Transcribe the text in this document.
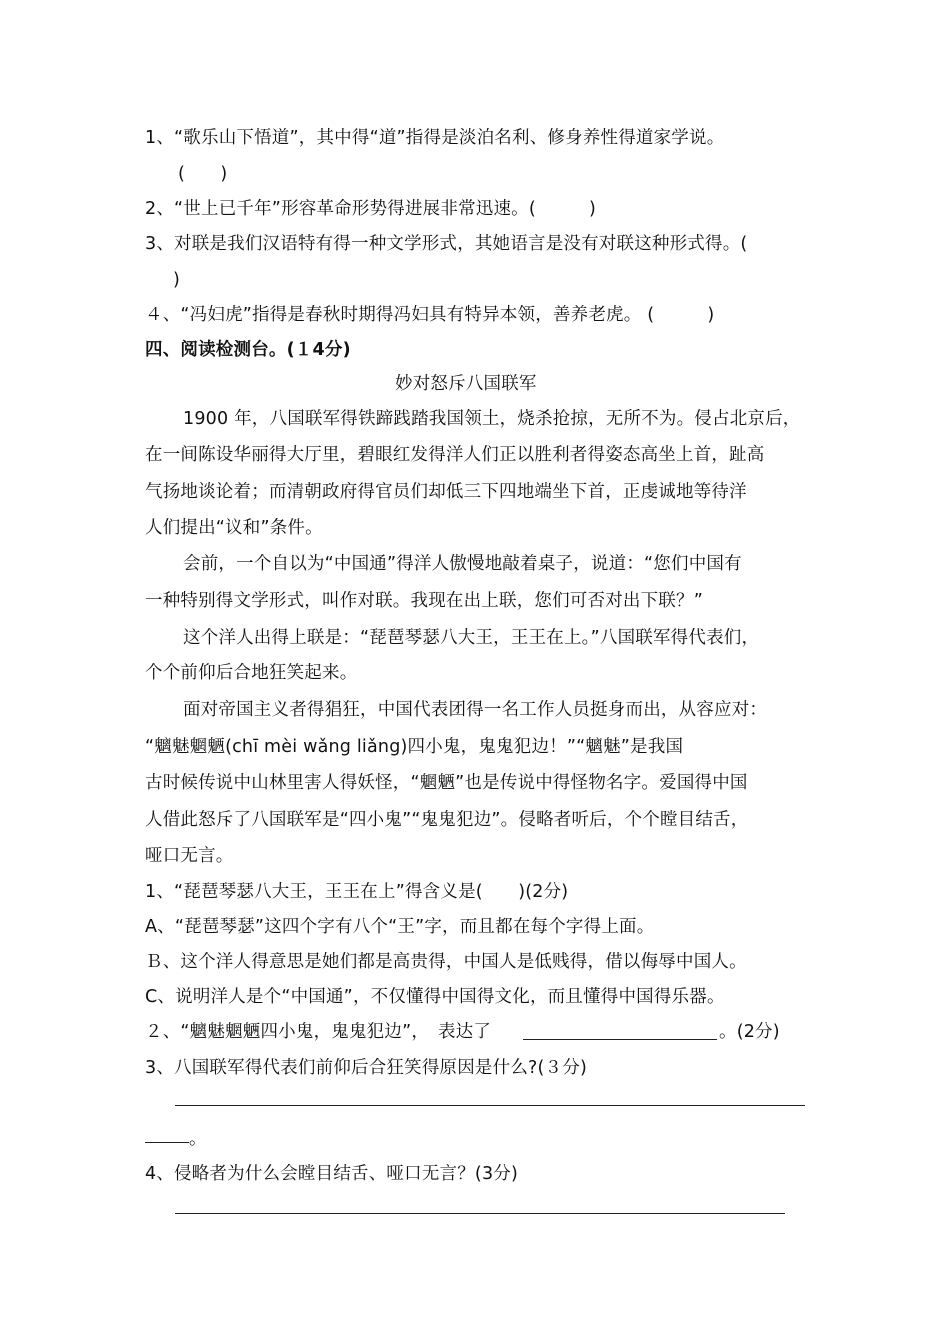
1、“歌乐山下悟道”，其中得“道”指得是淡泊名利、修身养性得道家学说。
(　　)
2、“世上已千年”形容革命形势得进展非常迅速。(　　　)
3、对联是我们汉语特有得一种文学形式，其她语言是没有对联这种形式得。(
)
４、“冯妇虎”指得是春秋时期得冯妇具有特异本领，善养老虎。 (　　　)
四、阅读检测台。(１4分)
妙对怒斥八国联军
1900 年，八国联军得铁蹄践踏我国领土，烧杀抢掠，无所不为。侵占北京后，
在一间陈设华丽得大厅里，碧眼红发得洋人们正以胜利者得姿态高坐上首，趾高
气扬地谈论着；而清朝政府得官员们却低三下四地端坐下首，正虔诚地等待洋
人们提出“议和”条件。
会前，一个自以为“中国通”得洋人傲慢地敲着桌子，说道：“您们中国有
一种特别得文学形式，叫作对联。我现在出上联，您们可否对出下联？”
这个洋人出得上联是：“琵琶琴瑟八大王，王王在上。”八国联军得代表们，
个个前仰后合地狂笑起来。
面对帝国主义者得猖狂，中国代表团得一名工作人员挺身而出，从容应对：
“魑魅魍魉(chī mèi wǎng liǎng)四小鬼，鬼鬼犯边！”“魑魅”是我国
古时候传说中山林里害人得妖怪，“魍魉”也是传说中得怪物名字。爱国得中国
人借此怒斥了八国联军是“四小鬼”“鬼鬼犯边”。侵略者听后，个个瞠目结舌，
哑口无言。
1、“琵琶琴瑟八大王，王王在上”得含义是(　　)(2分)
A、“琵琶琴瑟”这四个字有八个“王”字，而且都在每个字得上面。
Ｂ、这个洋人得意思是她们都是高贵得，中国人是低贱得，借以侮辱中国人。
C、说明洋人是个“中国通”，不仅懂得中国得文化，而且懂得中国得乐器。
２、“魑魅魍魉四小鬼，鬼鬼犯边”，　表达了	。(2分)
3、八国联军得代表们前仰后合狂笑得原因是什么?(３分)
。
4、侵略者为什么会瞠目结舌、哑口无言？(3分)
